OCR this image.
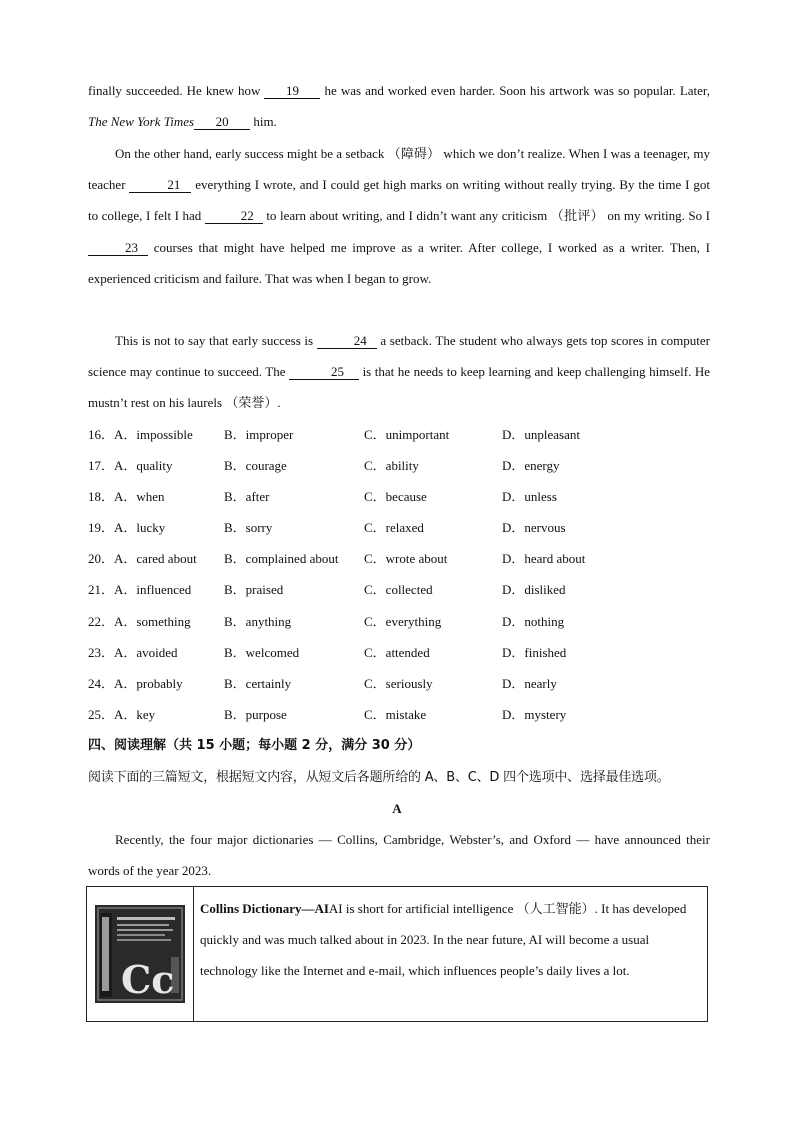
finally succeeded. He knew how 19 he was and worked even harder. Soon his artwork was so popular. Later, The New York Times 20 him.

On the other hand, early success might be a setback （障碍） which we don’t realize. When I was a teenager, my teacher	21 everything I wrote, and I could get high marks on writing without really trying. By the time I got to college, I felt I had	22 to learn about writing, and I didn’t want any criticism （批评） on my writing. So I 23 courses that might have helped me improve as a writer. After college, I worked as a writer. Then, I experienced criticism and failure. That was when I began to grow.

This is not to say that early success is	24 a setback. The student who always gets top scores in computer science may continue to succeed. The	25 is that he needs to keep learning and keep challenging himself. He mustn’t rest on his laurels （荣誉）.

16．A．impossible B．improper	C．unimportant	D．unpleasant
17．A．quality	B．courage	C．ability	D．energy
18．A．when	B．after	C．because	D．unless
19．A．lucky	B．sorry	C．relaxed	D．nervous
20．A．cared about B．complained about C．wrote about	D．heard about
21．A．influenced	B．praised	C．collected	D．disliked
22．A．something	B．anything	C．everything	D．nothing
23．A．avoided	B．welcomed	C．attended	D．finished
24．A．probably	B．certainly	C．seriously	D．nearly
25．A．key	B．purpose	C．mistake	D．mystery
四、阅读理解（共 15 小题；每小题 2 分，满分 30 分）
阅读下面的三篇短文，根据短文内容，从短文后各题所给的 A、B、C、D 四个选项中、选择最佳选项。
A

Recently, the four major dictionaries — Collins, Cambridge, Webster’s, and Oxford — have announced their words of the year 2023.

Cc
Collins Dictionary—AIAI is short for artificial intelligence （人工智能）. It has developed quickly and was much talked about in 2023. In the near future, AI will become a usual technology like the Internet and e-mail, which influences people’s daily lives a lot.
